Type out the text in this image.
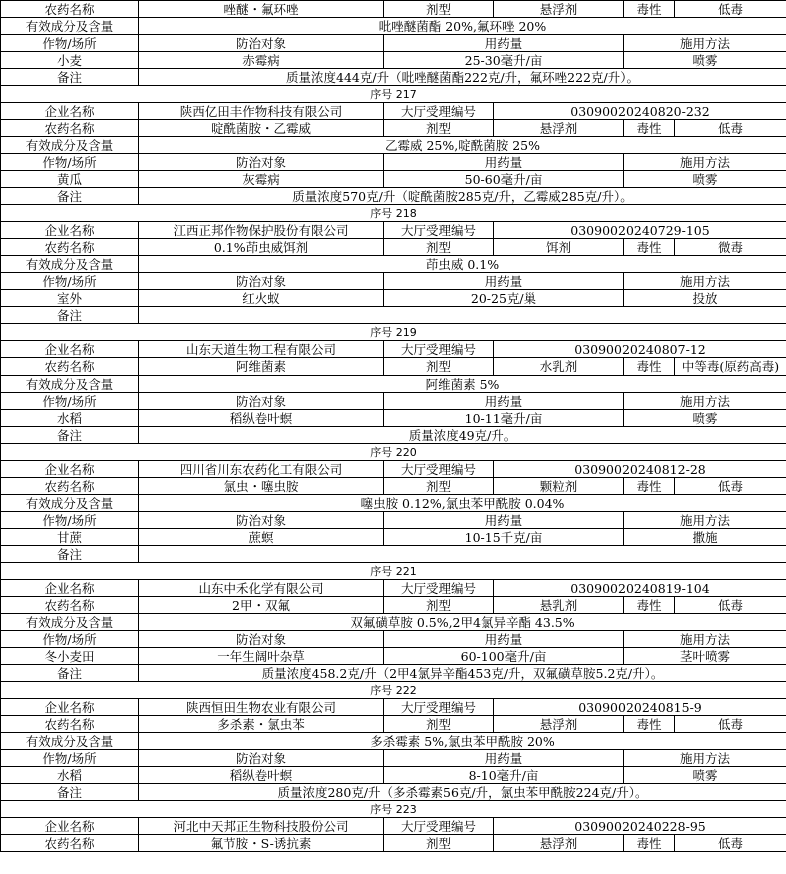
农药名称	唑醚・氟环唑	剂型	悬浮剂	毒性	低毒
有效成分及含量	吡唑醚菌酯 20%,氟环唑 20%				
作物/场所	防治对象	用药量		施用方法	
小麦	赤霉病	25-30毫升/亩		喷雾	
备注	质量浓度444克/升（吡唑醚菌酯222克/升，氟环唑222克/升）。				
序号 217					
企业名称	陕西亿田丰作物科技有限公司	大厅受理编号	03090020240820-232		
农药名称	啶酰菌胺・乙霉威	剂型	悬浮剂	毒性	低毒
有效成分及含量	乙霉威 25%,啶酰菌胺 25%				
作物/场所	防治对象	用药量		施用方法	
黄瓜	灰霉病	50-60毫升/亩		喷雾	
备注	质量浓度570克/升（啶酰菌胺285克/升，乙霉威285克/升）。				
序号 218					
企业名称	江西正邦作物保护股份有限公司	大厅受理编号	03090020240729-105		
农药名称	0.1%茚虫威饵剂	剂型	饵剂	毒性	微毒
有效成分及含量	茚虫威 0.1%				
作物/场所	防治对象	用药量		施用方法	
室外	红火蚁	20-25克/巢		投放	
备注					
序号 219					
企业名称	山东天道生物工程有限公司	大厅受理编号	03090020240807-12		
农药名称	阿维菌素	剂型	水乳剂	毒性	中等毒(原药高毒)
有效成分及含量	阿维菌素 5%				
作物/场所	防治对象	用药量		施用方法	
水稻	稻纵卷叶螟	10-11毫升/亩		喷雾	
备注	质量浓度49克/升。				
序号 220					
企业名称	四川省川东农药化工有限公司	大厅受理编号	03090020240812-28		
农药名称	氯虫・噻虫胺	剂型	颗粒剂	毒性	低毒
有效成分及含量	噻虫胺 0.12%,氯虫苯甲酰胺 0.04%				
作物/场所	防治对象	用药量		施用方法	
甘蔗	蔗螟	10-15千克/亩		撒施	
备注					
序号 221					
企业名称	山东中禾化学有限公司	大厅受理编号	03090020240819-104		
农药名称	2甲・双氟	剂型	悬乳剂	毒性	低毒
有效成分及含量	双氟磺草胺 0.5%,2甲4氯异辛酯 43.5%				
作物/场所	防治对象	用药量		施用方法	
冬小麦田	一年生阔叶杂草	60-100毫升/亩		茎叶喷雾	
备注	质量浓度458.2克/升（2甲4氯异辛酯453克/升，双氟磺草胺5.2克/升）。				
序号 222					
企业名称	陕西恒田生物农业有限公司	大厅受理编号	03090020240815-9		
农药名称	多杀素・氯虫苯	剂型	悬浮剂	毒性	低毒
有效成分及含量	多杀霉素 5%,氯虫苯甲酰胺 20%				
作物/场所	防治对象	用药量		施用方法	
水稻	稻纵卷叶螟	8-10毫升/亩		喷雾	
备注	质量浓度280克/升（多杀霉素56克/升，氯虫苯甲酰胺224克/升）。				
序号 223					
企业名称	河北中天邦正生物科技股份公司	大厅受理编号	03090020240228-95		
农药名称	氟节胺・S-诱抗素	剂型	悬浮剂	毒性	低毒
